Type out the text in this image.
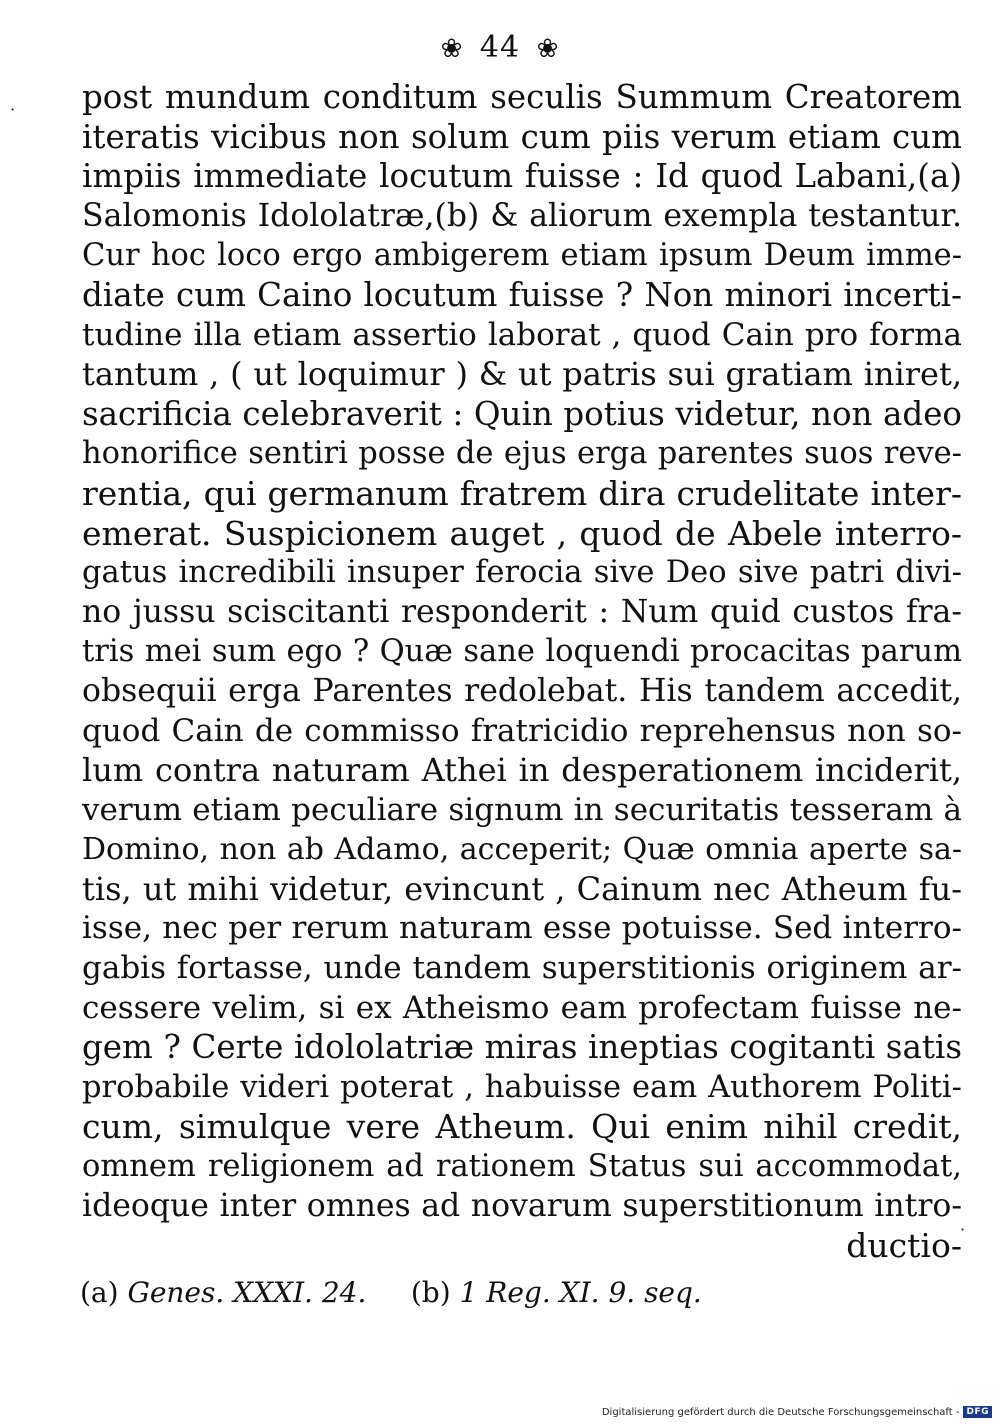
❀ 44 ❀
post mundum conditum seculis Summum Creatorem
iteratis vicibus non solum cum piis verum etiam cum
impiis immediate locutum fuisse : Id quod Labani,(a)
Salomonis Idololatræ,(b) & aliorum exempla testantur.
Cur hoc loco ergo ambigerem etiam ipsum Deum imme-
diate cum Caino locutum fuisse ? Non minori incerti-
tudine illa etiam assertio laborat , quod Cain pro forma
tantum , ( ut loquimur ) & ut patris sui gratiam iniret,
sacrificia celebraverit : Quin potius videtur, non adeo
honorifice sentiri posse de ejus erga parentes suos reve-
rentia, qui germanum fratrem dira crudelitate inter-
emerat. Suspicionem auget , quod de Abele interro-
gatus incredibili insuper ferocia sive Deo sive patri divi-
no jussu sciscitanti responderit : Num quid custos fra-
tris mei sum ego ? Quæ sane loquendi procacitas parum
obsequii erga Parentes redolebat. His tandem accedit,
quod Cain de commisso fratricidio reprehensus non so-
lum contra naturam Athei in desperationem inciderit,
verum etiam peculiare signum in securitatis tesseram à
Domino, non ab Adamo, acceperit; Quæ omnia aperte sa-
tis, ut mihi videtur, evincunt , Cainum nec Atheum fu-
isse, nec per rerum naturam esse potuisse. Sed interro-
gabis fortasse, unde tandem superstitionis originem ar-
cessere velim, si ex Atheismo eam profectam fuisse ne-
gem ? Certe idololatriæ miras ineptias cogitanti satis
probabile videri poterat , habuisse eam Authorem Politi-
cum, simulque vere Atheum. Qui enim nihil credit,
omnem religionem ad rationem Status sui accommodat,
ideoque inter omnes ad novarum superstitionum intro-
ductio-
(a) Genes. XXXI. 24. (b) 1 Reg. XI. 9. seq.
Digitalisierung gefördert durch die Deutsche Forschungsgemeinschaft - DFG
·
·
